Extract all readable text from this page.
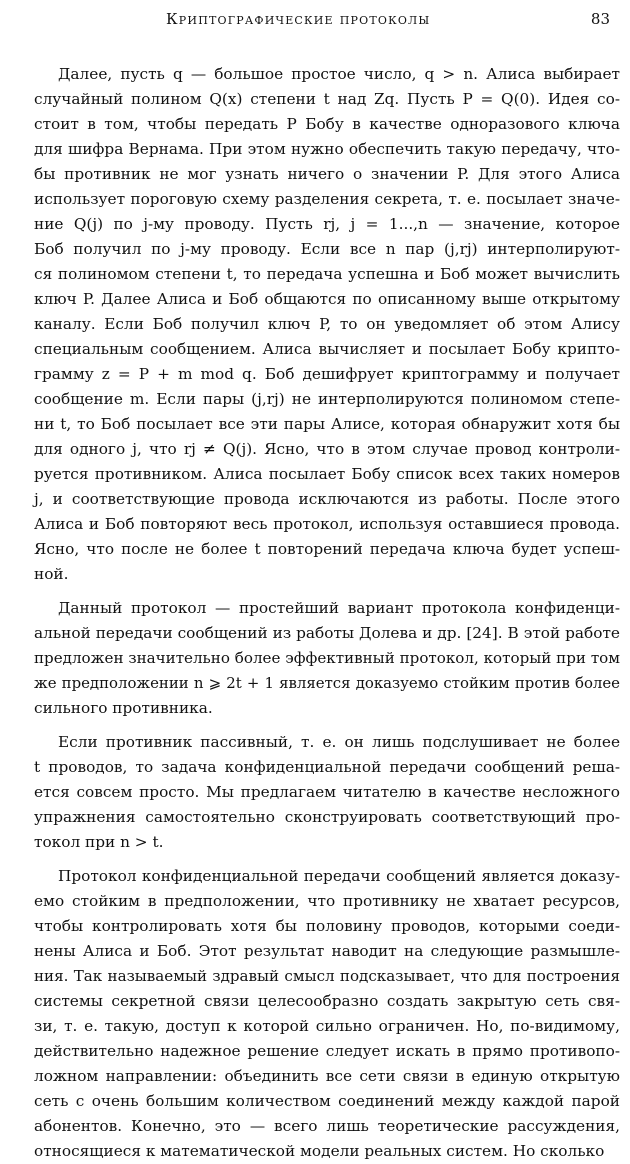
Криптографические протоколы	83
Далее, пусть q — большое простое число, q > n. Алиса выбирает
случайный полином Q(x) степени t над Zq. Пусть P = Q(0). Идея со-
стоит в том, чтобы передать P Бобу в качестве одноразового ключа
для шифра Вернама. При этом нужно обеспечить такую передачу, что-
бы противник не мог узнать ничего о значении P. Для этого Алиса
использует пороговую схему разделения секрета, т. е. посылает значе-
ние Q(j) по j-му проводу. Пусть rj, j = 1...,n — значение, которое
Боб получил по j-му проводу. Если все n пар (j,rj) интерполируют-
ся полиномом степени t, то передача успешна и Боб может вычислить
ключ P. Далее Алиса и Боб общаются по описанному выше открытому
каналу. Если Боб получил ключ P, то он уведомляет об этом Алису
специальным сообщением. Алиса вычисляет и посылает Бобу крипто-
грамму z = P + m mod q. Боб дешифрует криптограмму и получает
сообщение m. Если пары (j,rj) не интерполируются полиномом степе-
ни t, то Боб посылает все эти пары Алисе, которая обнаружит хотя бы
для одного j, что rj ≠ Q(j). Ясно, что в этом случае провод контроли-
руется противником. Алиса посылает Бобу список всех таких номеров
j, и соответствующие провода исключаются из работы. После этого
Алиса и Боб повторяют весь протокол, используя оставшиеся провода.
Ясно, что после не более t повторений передача ключа будет успеш-
ной.
Данный протокол — простейший вариант протокола конфиденци-
альной передачи сообщений из работы Долева и др. [24]. В этой работе
предложен значительно более эффективный протокол, который при том
же предположении n ⩾ 2t + 1 является доказуемо стойким против более
сильного противника.
Если противник пассивный, т. е. он лишь подслушивает не более
t проводов, то задача конфиденциальной передачи сообщений реша-
ется совсем просто. Мы предлагаем читателю в качестве несложного
упражнения самостоятельно сконструировать соответствующий про-
токол при n > t.
Протокол конфиденциальной передачи сообщений является доказу-
емо стойким в предположении, что противнику не хватает ресурсов,
чтобы контролировать хотя бы половину проводов, которыми соеди-
нены Алиса и Боб. Этот результат наводит на следующие размышле-
ния. Так называемый здравый смысл подсказывает, что для построения
системы секретной связи целесообразно создать закрытую сеть свя-
зи, т. е. такую, доступ к которой сильно ограничен. Но, по-видимому,
действительно надежное решение следует искать в прямо противопо-
ложном направлении: объединить все сети связи в единую открытую
сеть с очень большим количеством соединений между каждой парой
абонентов. Конечно, это — всего лишь теоретические рассуждения,
относящиеся к математической модели реальных систем. Но сколько
